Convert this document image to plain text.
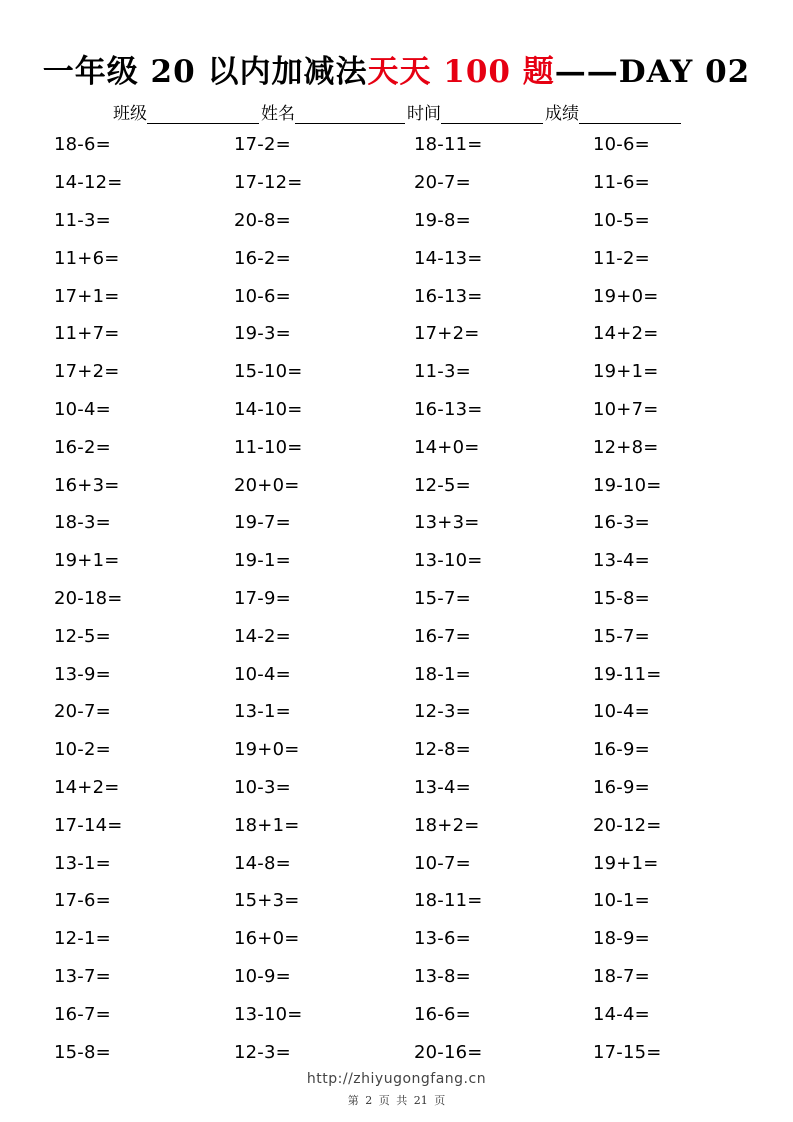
一年级 20 以内加减法天天 100 题——DAY 02
班级	姓名	时间	成绩
18-6=	17-2=	18-11=	10-6=
14-12=	17-12=	20-7=	11-6=
11-3=	20-8=	19-8=	10-5=
11+6=	16-2=	14-13=	11-2=
17+1=	10-6=	16-13=	19+0=
11+7=	19-3=	17+2=	14+2=
17+2=	15-10=	11-3=	19+1=
10-4=	14-10=	16-13=	10+7=
16-2=	11-10=	14+0=	12+8=
16+3=	20+0=	12-5=	19-10=
18-3=	19-7=	13+3=	16-3=
19+1=	19-1=	13-10=	13-4=
20-18=	17-9=	15-7=	15-8=
12-5=	14-2=	16-7=	15-7=
13-9=	10-4=	18-1=	19-11=
20-7=	13-1=	12-3=	10-4=
10-2=	19+0=	12-8=	16-9=
14+2=	10-3=	13-4=	16-9=
17-14=	18+1=	18+2=	20-12=
13-1=	14-8=	10-7=	19+1=
17-6=	15+3=	18-11=	10-1=
12-1=	16+0=	13-6=	18-9=
13-7=	10-9=	13-8=	18-7=
16-7=	13-10=	16-6=	14-4=
15-8=	12-3=	20-16=	17-15=
http://zhiyugongfang.cn
第 2 页 共 21 页
